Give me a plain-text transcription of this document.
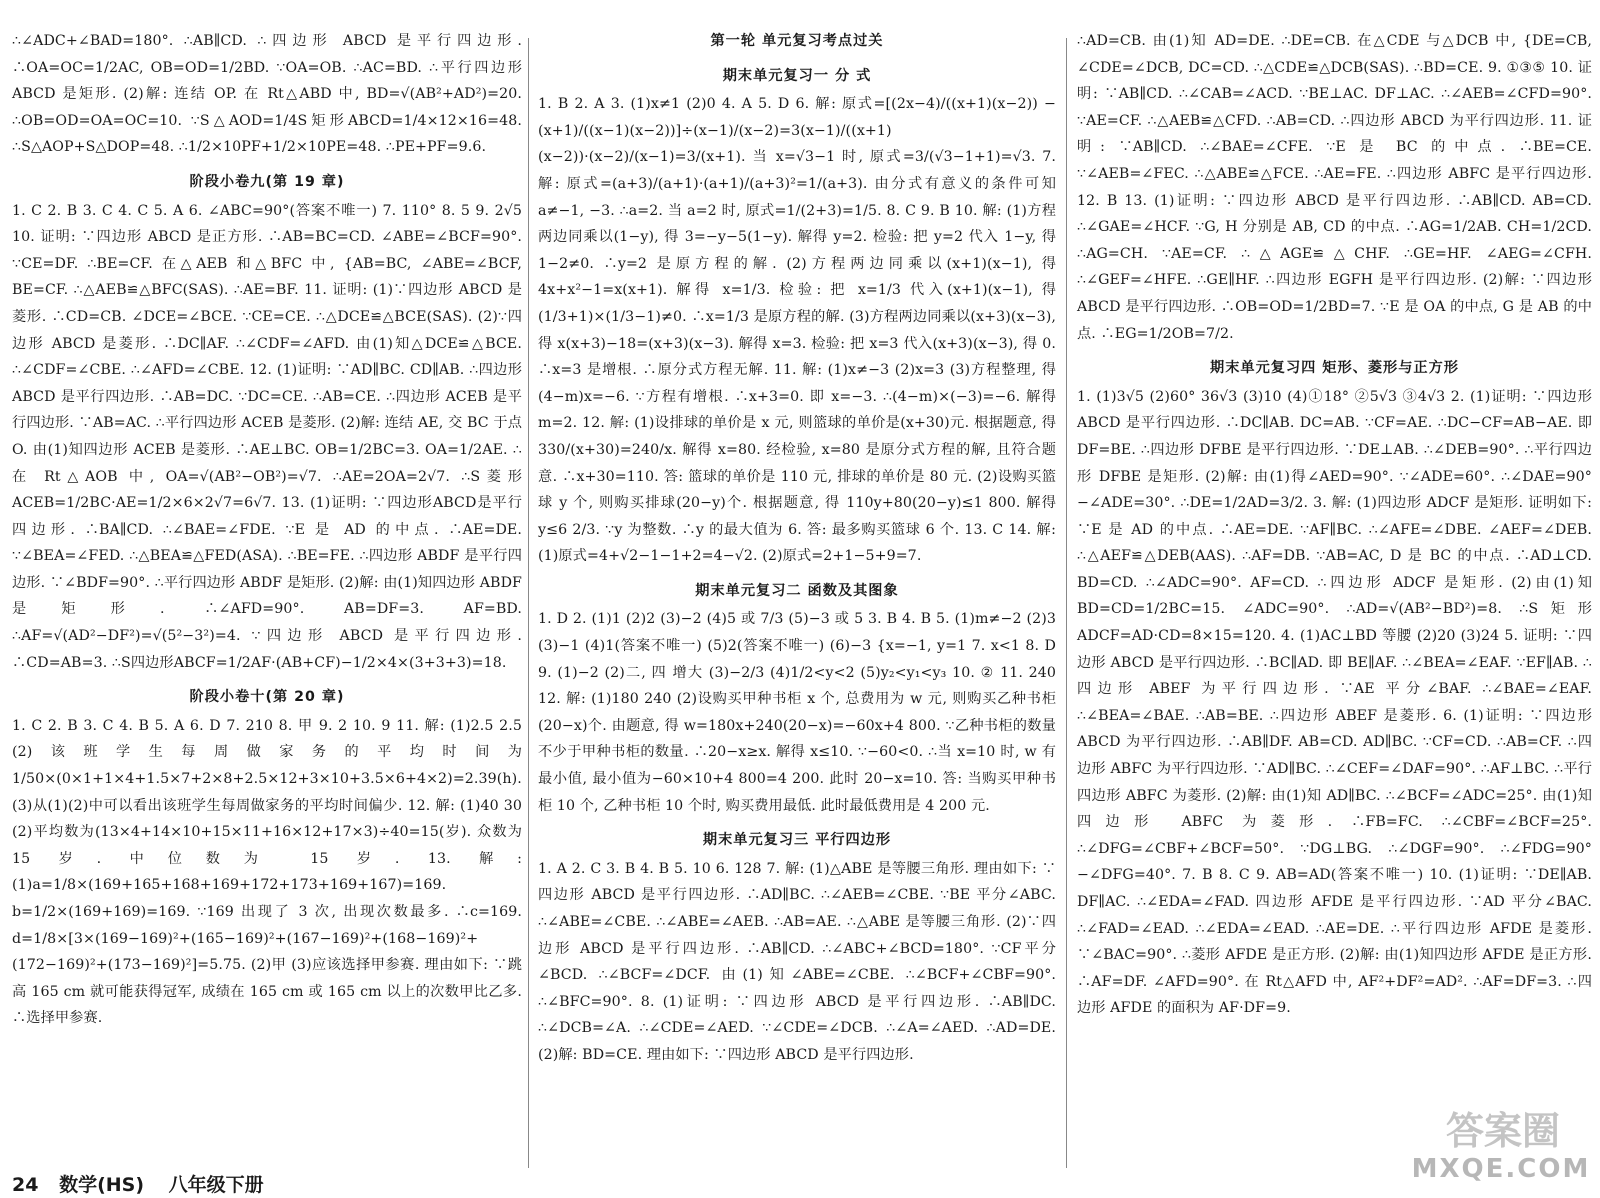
∴∠ADC+∠BAD=180°. ∴AB∥CD. ∴四边形 ABCD 是平行四边形. ∴OA=OC=1/2AC, OB=OD=1/2BD. ∵OA=OB. ∴AC=BD. ∴平行四边形 ABCD 是矩形. (2)解: 连结 OP. 在 Rt△ABD 中, BD=√(AB²+AD²)=20. ∴OB=OD=OA=OC=10. ∵S△AOD=1/4S矩形ABCD=1/4×12×16=48. ∴S△AOP+S△DOP=48. ∴1/2×10PF+1/2×10PE=48. ∴PE+PF=9.6.

阶段小卷九(第 19 章)

1. C 2. B 3. C 4. C 5. A 6. ∠ABC=90°(答案不唯一) 7. 110° 8. 5 9. 2√5 10. 证明: ∵四边形 ABCD 是正方形. ∴AB=BC=CD. ∠ABE=∠BCF=90°. ∵CE=DF. ∴BE=CF. 在△AEB 和△BFC 中, {AB=BC, ∠ABE=∠BCF, BE=CF. ∴△AEB≌△BFC(SAS). ∴AE=BF. 11. 证明: (1)∵四边形 ABCD 是菱形. ∴CD=CB. ∠DCE=∠BCE. ∵CE=CE. ∴△DCE≌△BCE(SAS). (2)∵四边形 ABCD 是菱形. ∴DC∥AF. ∴∠CDF=∠AFD. 由(1)知△DCE≌△BCE. ∴∠CDF=∠CBE. ∴∠AFD=∠CBE. 12. (1)证明: ∵AD∥BC. CD∥AB. ∴四边形 ABCD 是平行四边形. ∴AB=DC. ∵DC=CE. ∴AB=CE. ∴四边形 ACEB 是平行四边形. ∵AB=AC. ∴平行四边形 ACEB 是菱形. (2)解: 连结 AE, 交 BC 于点 O. 由(1)知四边形 ACEB 是菱形. ∴AE⊥BC. OB=1/2BC=3. OA=1/2AE. ∴在 Rt△AOB 中, OA=√(AB²−OB²)=√7. ∴AE=2OA=2√7. ∴S菱形ACEB=1/2BC·AE=1/2×6×2√7=6√7. 13. (1)证明: ∵四边形ABCD是平行四边形. ∴BA∥CD. ∴∠BAE=∠FDE. ∵E 是 AD 的中点. ∴AE=DE. ∵∠BEA=∠FED. ∴△BEA≌△FED(ASA). ∴BE=FE. ∴四边形 ABDF 是平行四边形. ∵∠BDF=90°. ∴平行四边形 ABDF 是矩形. (2)解: 由(1)知四边形 ABDF 是矩形. ∴∠AFD=90°. AB=DF=3. AF=BD. ∴AF=√(AD²−DF²)=√(5²−3²)=4. ∵四边形 ABCD 是平行四边形. ∴CD=AB=3. ∴S四边形ABCF=1/2AF·(AB+CF)−1/2×4×(3+3+3)=18.

阶段小卷十(第 20 章)

1. C 2. B 3. C 4. B 5. A 6. D 7. 210 8. 甲 9. 2 10. 9 11. 解: (1)2.5 2.5 (2)该班学生每周做家务的平均时间为1/50×(0×1+1×4+1.5×7+2×8+2.5×12+3×10+3.5×6+4×2)=2.39(h). (3)从(1)(2)中可以看出该班学生每周做家务的平均时间偏少. 12. 解: (1)40 30 (2)平均数为(13×4+14×10+15×11+16×12+17×3)÷40=15(岁). 众数为 15 岁. 中位数为 15 岁. 13. 解: (1)a=1/8×(169+165+168+169+172+173+169+167)=169. b=1/2×(169+169)=169. ∵169 出现了 3 次, 出现次数最多. ∴c=169. d=1/8×[3×(169−169)²+(165−169)²+(167−169)²+(168−169)²+(172−169)²+(173−169)²]=5.75. (2)甲 (3)应该选择甲参赛. 理由如下: ∵跳高 165 cm 就可能获得冠军, 成绩在 165 cm 或 165 cm 以上的次数甲比乙多. ∴选择甲参赛.

第一轮 单元复习考点过关
期末单元复习一 分 式

1. B 2. A 3. (1)x≠1 (2)0 4. A 5. D 6. 解: 原式=[(2x−4)/((x+1)(x−2)) − (x+1)/((x−1)(x−2))]÷(x−1)/(x−2)=3(x−1)/((x+1)(x−2))·(x−2)/(x−1)=3/(x+1). 当 x=√3−1 时, 原式=3/(√3−1+1)=√3. 7. 解: 原式=(a+3)/(a+1)·(a+1)/(a+3)²=1/(a+3). 由分式有意义的条件可知 a≠−1, −3. ∴a=2. 当 a=2 时, 原式=1/(2+3)=1/5. 8. C 9. B 10. 解: (1)方程两边同乘以(1−y), 得 3=−y−5(1−y). 解得 y=2. 检验: 把 y=2 代入 1−y, 得 1−2≠0. ∴y=2 是原方程的解. (2)方程两边同乘以(x+1)(x−1), 得 4x+x²−1=x(x+1). 解得 x=1/3. 检验: 把 x=1/3 代入(x+1)(x−1), 得 (1/3+1)×(1/3−1)≠0. ∴x=1/3 是原方程的解. (3)方程两边同乘以(x+3)(x−3), 得 x(x+3)−18=(x+3)(x−3). 解得 x=3. 检验: 把 x=3 代入(x+3)(x−3), 得 0. ∴x=3 是增根. ∴原分式方程无解. 11. 解: (1)x≠−3 (2)x=3 (3)方程整理, 得(4−m)x=−6. ∵方程有增根. ∴x+3=0. 即 x=−3. ∴(4−m)×(−3)=−6. 解得 m=2. 12. 解: (1)设排球的单价是 x 元, 则篮球的单价是(x+30)元. 根据题意, 得 330/(x+30)=240/x. 解得 x=80. 经检验, x=80 是原分式方程的解, 且符合题意. ∴x+30=110. 答: 篮球的单价是 110 元, 排球的单价是 80 元. (2)设购买篮球 y 个, 则购买排球(20−y)个. 根据题意, 得 110y+80(20−y)≤1 800. 解得 y≤6 2/3. ∵y 为整数. ∴y 的最大值为 6. 答: 最多购买篮球 6 个. 13. C 14. 解: (1)原式=4+√2−1−1+2=4−√2. (2)原式=2+1−5+9=7.

期末单元复习二 函数及其图象

1. D 2. (1)1 (2)2 (3)−2 (4)5 或 7/3 (5)−3 或 5 3. B 4. B 5. (1)m≠−2 (2)3 (3)−1 (4)1(答案不唯一) (5)2(答案不唯一) (6)−3 {x=−1, y=1 7. x<1 8. D 9. (1)−2 (2)二, 四 增大 (3)−2/3 (4)1/2<y<2 (5)y₂<y₁<y₃ 10. ② 11. 240 12. 解: (1)180 240 (2)设购买甲种书柜 x 个, 总费用为 w 元, 则购买乙种书柜(20−x)个. 由题意, 得 w=180x+240(20−x)=−60x+4 800. ∵乙种书柜的数量不少于甲种书柜的数量. ∴20−x≥x. 解得 x≤10. ∵−60<0. ∴当 x=10 时, w 有最小值, 最小值为−60×10+4 800=4 200. 此时 20−x=10. 答: 当购买甲种书柜 10 个, 乙种书柜 10 个时, 购买费用最低. 此时最低费用是 4 200 元.

期末单元复习三 平行四边形

1. A 2. C 3. B 4. B 5. 10 6. 128 7. 解: (1)△ABE 是等腰三角形. 理由如下: ∵四边形 ABCD 是平行四边形. ∴AD∥BC. ∴∠AEB=∠CBE. ∵BE 平分∠ABC. ∴∠ABE=∠CBE. ∴∠ABE=∠AEB. ∴AB=AE. ∴△ABE 是等腰三角形. (2)∵四边形 ABCD 是平行四边形. ∴AB∥CD. ∴∠ABC+∠BCD=180°. ∵CF平分∠BCD. ∴∠BCF=∠DCF. 由(1)知∠ABE=∠CBE. ∴∠BCF+∠CBF=90°. ∴∠BFC=90°. 8. (1)证明: ∵四边形 ABCD 是平行四边形. ∴AB∥DC. ∴∠DCB=∠A. ∴∠CDE=∠AED. ∵∠CDE=∠DCB. ∴∠A=∠AED. ∴AD=DE. (2)解: BD=CE. 理由如下: ∵四边形 ABCD 是平行四边形.

∴AD=CB. 由(1)知 AD=DE. ∴DE=CB. 在△CDE 与△DCB 中, {DE=CB, ∠CDE=∠DCB, DC=CD. ∴△CDE≌△DCB(SAS). ∴BD=CE. 9. ①③⑤ 10. 证明: ∵AB∥CD. ∴∠CAB=∠ACD. ∵BE⊥AC. DF⊥AC. ∴∠AEB=∠CFD=90°. ∵AE=CF. ∴△AEB≌△CFD. ∴AB=CD. ∴四边形 ABCD 为平行四边形. 11. 证明: ∵AB∥CD. ∴∠BAE=∠CFE. ∵E 是 BC 的中点. ∴BE=CE. ∵∠AEB=∠FEC. ∴△ABE≌△FCE. ∴AE=FE. ∴四边形 ABFC 是平行四边形. 12. B 13. (1)证明: ∵四边形 ABCD 是平行四边形. ∴AB∥CD. AB=CD. ∴∠GAE=∠HCF. ∵G, H 分别是 AB, CD 的中点. ∴AG=1/2AB. CH=1/2CD. ∴AG=CH. ∵AE=CF. ∴△AGE≌△CHF. ∴GE=HF. ∠AEG=∠CFH. ∴∠GEF=∠HFE. ∴GE∥HF. ∴四边形 EGFH 是平行四边形. (2)解: ∵四边形 ABCD 是平行四边形. ∴OB=OD=1/2BD=7. ∵E 是 OA 的中点, G 是 AB 的中点. ∴EG=1/2OB=7/2.

期末单元复习四 矩形、菱形与正方形

1. (1)3√5 (2)60° 36√3 (3)10 (4)①18° ②5√3 ③4√3 2. (1)证明: ∵四边形 ABCD 是平行四边形. ∴DC∥AB. DC=AB. ∵CF=AE. ∴DC−CF=AB−AE. 即 DF=BE. ∴四边形 DFBE 是平行四边形. ∵DE⊥AB. ∴∠DEB=90°. ∴平行四边形 DFBE 是矩形. (2)解: 由(1)得∠AED=90°. ∵∠ADE=60°. ∴∠DAE=90°−∠ADE=30°. ∴DE=1/2AD=3/2. 3. 解: (1)四边形 ADCF 是矩形. 证明如下: ∵E 是 AD 的中点. ∴AE=DE. ∵AF∥BC. ∴∠AFE=∠DBE. ∠AEF=∠DEB. ∴△AEF≌△DEB(AAS). ∴AF=DB. ∵AB=AC, D 是 BC 的中点. ∴AD⊥CD. BD=CD. ∴∠ADC=90°. AF=CD. ∴四边形 ADCF 是矩形. (2)由(1)知 BD=CD=1/2BC=15. ∠ADC=90°. ∴AD=√(AB²−BD²)=8. ∴S矩形ADCF=AD·CD=8×15=120. 4. (1)AC⊥BD 等腰 (2)20 (3)24 5. 证明: ∵四边形 ABCD 是平行四边形. ∴BC∥AD. 即 BE∥AF. ∴∠BEA=∠EAF. ∵EF∥AB. ∴四边形 ABEF 为平行四边形. ∵AE 平分∠BAF. ∴∠BAE=∠EAF. ∴∠BEA=∠BAE. ∴AB=BE. ∴四边形 ABEF 是菱形. 6. (1)证明: ∵四边形 ABCD 为平行四边形. ∴AB∥DF. AB=CD. AD∥BC. ∵CF=CD. ∴AB=CF. ∴四边形 ABFC 为平行四边形. ∵AD∥BC. ∴∠CEF=∠DAF=90°. ∴AF⊥BC. ∴平行四边形 ABFC 为菱形. (2)解: 由(1)知 AD∥BC. ∴∠BCF=∠ADC=25°. 由(1)知四边形 ABFC 为菱形. ∴FB=FC. ∴∠CBF=∠BCF=25°. ∴∠DFG=∠CBF+∠BCF=50°. ∵DG⊥BG. ∴∠DGF=90°. ∴∠FDG=90°−∠DFG=40°. 7. B 8. C 9. AB=AD(答案不唯一) 10. (1)证明: ∵DE∥AB. DF∥AC. ∴∠EDA=∠FAD. 四边形 AFDE 是平行四边形. ∵AD 平分∠BAC. ∴∠FAD=∠EAD. ∴∠EDA=∠EAD. ∴AE=DE. ∴平行四边形 AFDE 是菱形. ∵∠BAC=90°. ∴菱形 AFDE 是正方形. (2)解: 由(1)知四边形 AFDE 是正方形. ∴AF=DF. ∠AFD=90°. 在 Rt△AFD 中, AF²+DF²=AD². ∴AF=DF=3. ∴四边形 AFDE 的面积为 AF·DF=9.

24 数学(HS) 八年级下册
答案圈
MXQE.COM
